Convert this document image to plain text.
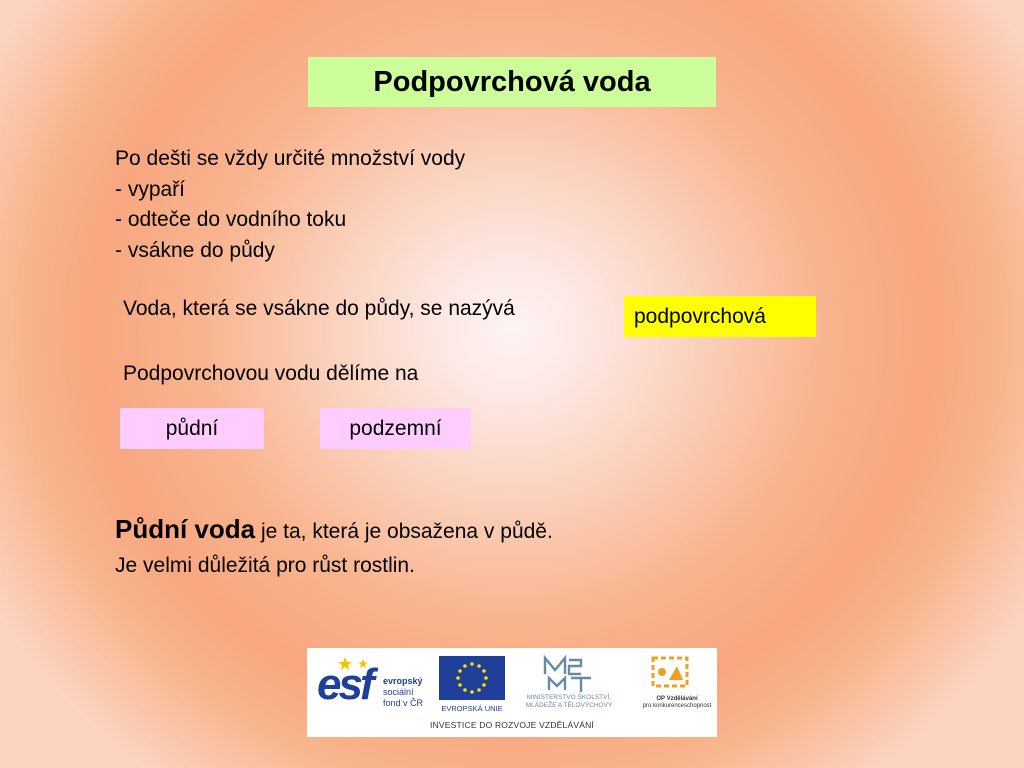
Podpovrchová voda
Po dešti se vždy určité množství vody
- vypaří
- odteče do vodního toku
- vsákne do půdy
Voda, která se vsákne do půdy, se nazývá	podpovrchová
Podpovrchovou vodu dělíme na
půdní	podzemní
Půdní voda je ta, která je obsažena v půdě.
Je velmi důležitá pro růst rostlin.
esf evropský
sociální
fond v ČR
EVROPSKÁ UNIE
MINISTERSTVO ŠKOLSTVÍ,
MLÁDEŽE A TĚLOVÝCHOVY
OP Vzdělávání
pro konkurenceschopnost
INVESTICE DO ROZVOJE VZDĚLÁVÁNÍ
